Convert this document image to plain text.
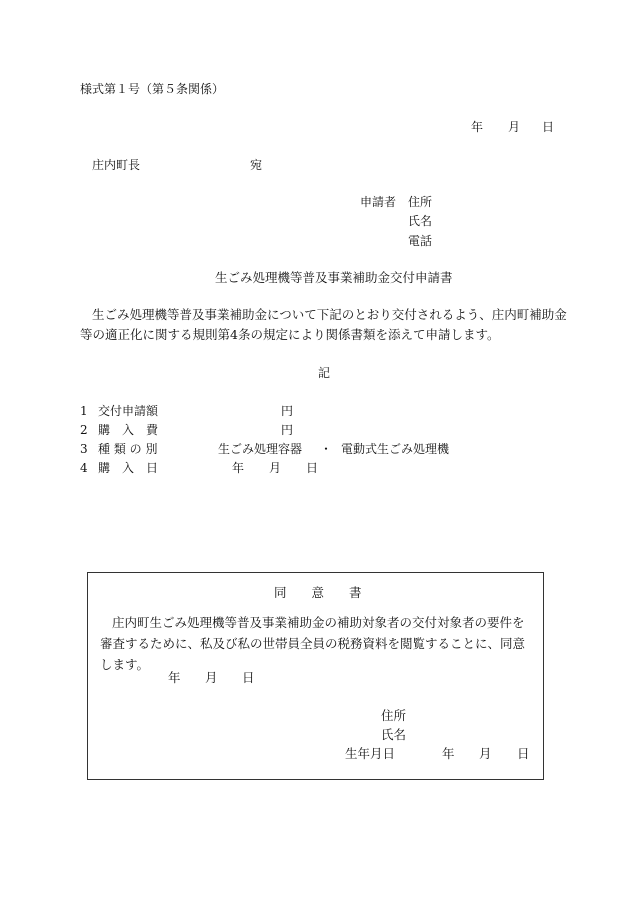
様式第１号（第５条関係）
年 月 日
庄内町長	宛
申請者 住所
氏名
電話
生ごみ処理機等普及事業補助金交付申請書
生ごみ処理機等普及事業補助金について下記のとおり交付されるよう、庄内町補助金等の適正化に関する規則第4条の規定により関係書類を添えて申請します。
記
1 交付申請額	円
2 購　入　費	円
3 種 類 の 別	生ごみ処理容器 ・ 電動式生ごみ処理機
4 購　入　日	年 月 日
同　　意　　書
庄内町生ごみ処理機等普及事業補助金の補助対象者の交付対象者の要件を審査するために、私及び私の世帯員全員の税務資料を閲覧することに、同意します。
年 月 日
住所
氏名
生年月日	年 月 日
